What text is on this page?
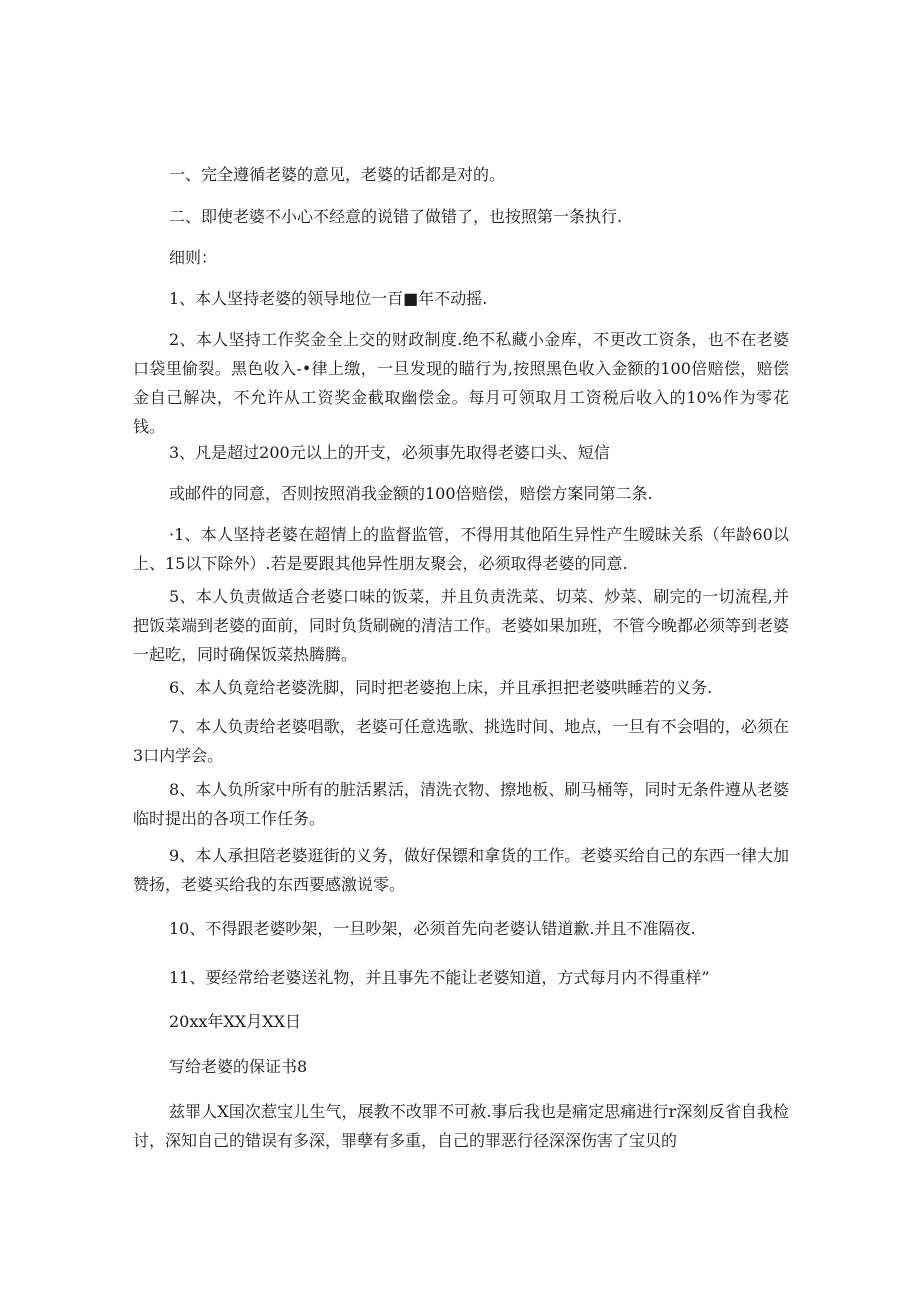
一、完全遵循老婆的意见，老婆的话都是对的。

二、即使老婆不小心不经意的说错了做错了，也按照第一条执行.

细则：

1、本人坚持老婆的领导地位一百■年不动摇.

2、本人坚持工作奖金全上交的财政制度.绝不私藏小金库，不更改工资条，也不在老婆口袋里偷裂。黑色收入-•律上缴，一旦发现的瞄行为,按照黑色收入金额的100倍赔偿，赔偿金自己解决，不允许从工资奖金截取幽偿金。每月可领取月工资税后收入的10%作为零花钱。

3、凡是超过200元以上的开支，必须事先取得老婆口头、短信

或邮件的同意，否则按照消我金额的100倍赔偿，赔偿方案同第二条.

·1、本人坚持老婆在超情上的监督监管，不得用其他陌生异性产生暧昧关系（年龄60以上、15以下除外）.若是要跟其他异性朋友聚会，必须取得老婆的同意.

5、本人负责做适合老婆口味的饭菜，并且负责洗菜、切菜、炒菜、刷完的一切流程,并把饭菜端到老婆的面前，同时负货刷碗的清洁工作。老婆如果加班，不管今晚都必须等到老婆一起吃，同时确保饭菜热腾腾。

6、本人负竟给老婆洗脚，同时把老婆抱上床，并且承担把老婆哄睡若的义务.

7、本人负责给老婆唱歌，老婆可任意选歌、挑选时间、地点，一旦有不会唱的，必须在3口内学会。

8、本人负所家中所有的脏活累活，清洗衣物、擦地板、刷马桶等，同时无条件遵从老婆临时提出的各项工作任务。

9、本人承担陪老婆逛街的义务，做好保镖和拿货的工作。老婆买给自己的东西一律大加赞扬，老婆买给我的东西要感激说零。

10、不得跟老婆吵架，一旦吵架，必须首先向老婆认错道歉.并且不准隔夜.

11、要经常给老婆送礼物，并且事先不能让老婆知道，方式每月内不得重样”

20xx年XX月XX日

写给老婆的保证书8

兹罪人X国次惹宝儿生气，展教不改罪不可赦.事后我也是痛定思痛进行r深刻反省自我检讨，深知自己的错误有多深，罪孽有多重，自己的罪恶行径深深伤害了宝贝的
